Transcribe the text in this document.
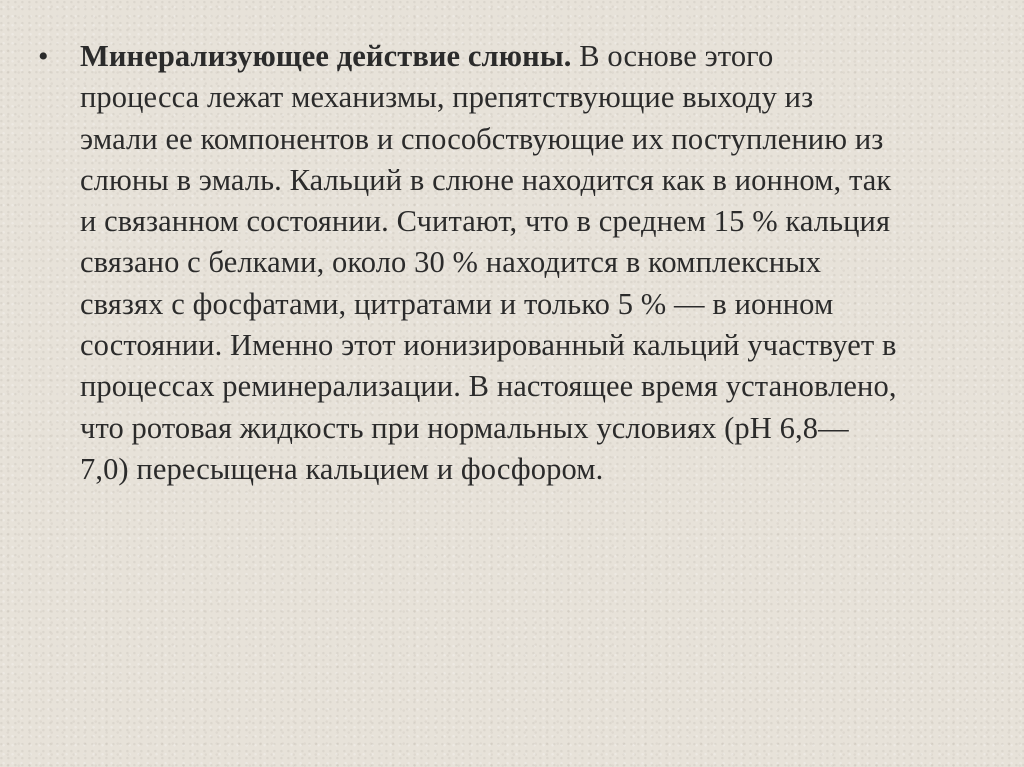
•	Минерализующее действие слюны. В основе этого
процесса лежат механизмы, препятствующие выходу из
эмали ее компонентов и способствующие их поступлению из
слюны в эмаль. Кальций в слюне находится как в ионном, так
и связанном состоянии. Считают, что в среднем 15 % кальция
связано с белками, около 30 % находится в комплексных
связях с фосфатами, цитратами и только 5 % — в ионном
состоянии. Именно этот ионизированный кальций участвует в
процессах реминерализации. В настоящее время установлено,
что ротовая жидкость при нормальных условиях (рН 6,8—
7,0) пересыщена кальцием и фосфором.
